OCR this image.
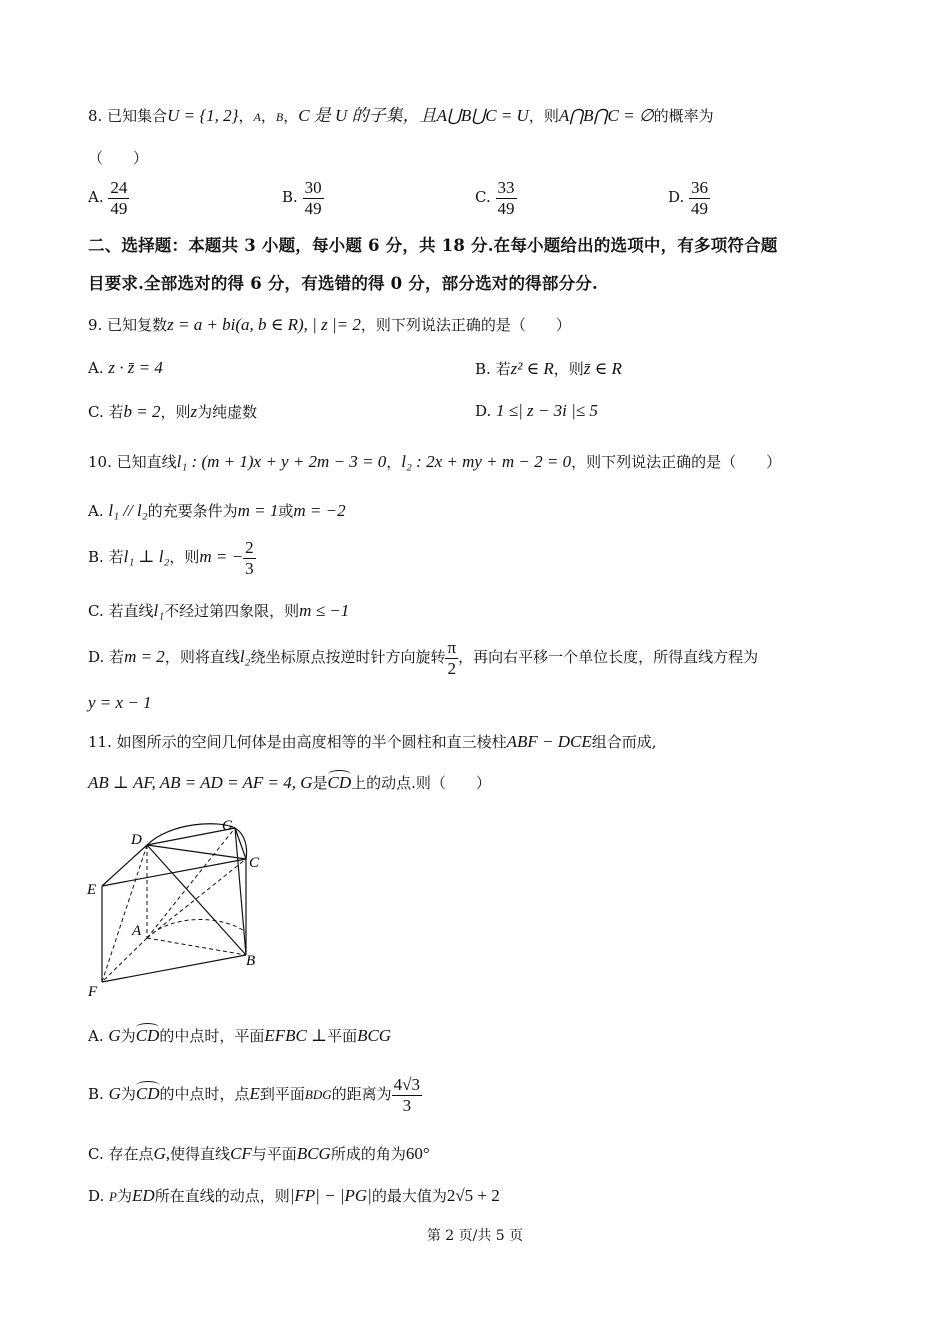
8. 已知集合U = {1, 2}，A，B，C 是 U 的子集，且A⋃B⋃C = U，则A⋂B⋂C = ∅的概率为
（　　）
A. $\frac{24}{49}$	B. $\frac{30}{49}$	C. $\frac{33}{49}$	D. $\frac{36}{49}$
二、选择题：本题共 3 小题，每小题 6 分，共 18 分.在每小题给出的选项中，有多项符合题
目要求.全部选对的得 6 分，有选错的得 0 分，部分选对的得部分分.
9. 已知复数z = a + bi(a, b ∈ R), | z |= 2，则下列说法正确的是（　　）
A. z · z̄ = 4	B. 若z² ∈ R，则z̄ ∈ R
C. 若b = 2，则z为纯虚数	D. 1 ≤| z − 3i |≤ 5
10. 已知直线l₁ : (m + 1)x + y + 2m − 3 = 0，l₂ : 2x + my + m − 2 = 0，则下列说法正确的是（　　）
A. l₁ // l₂的充要条件为m = 1或m = −2
B. 若l₁ ⊥ l₂，则m = − $\frac{2}{3}$
C. 若直线l₁不经过第四象限，则m ≤ −1
D. 若m = 2，则将直线l₂绕坐标原点按逆时针方向旋转 $\frac{\pi}{2}$ ，再向右平移一个单位长度，所得直线方程为
y = x − 1
11. 如图所示的空间几何体是由高度相等的半个圆柱和直三棱柱ABF − DCE组合而成,
AB ⊥ AF, AB = AD = AF = 4, G是CD上的动点.则（　　）
D
G
C
E
A
B
F
A. G为CD的中点时，平面EFBC ⊥平面BCG
B. G为CD的中点时，点E到平面BDG的距离为 $\frac{4√3}{3}$
C. 存在点G,使得直线CF与平面BCG所成的角为60°
D. P为ED所在直线的动点，则|FP| − |PG|的最大值为2√5 + 2
第 2 页/共 5 页
